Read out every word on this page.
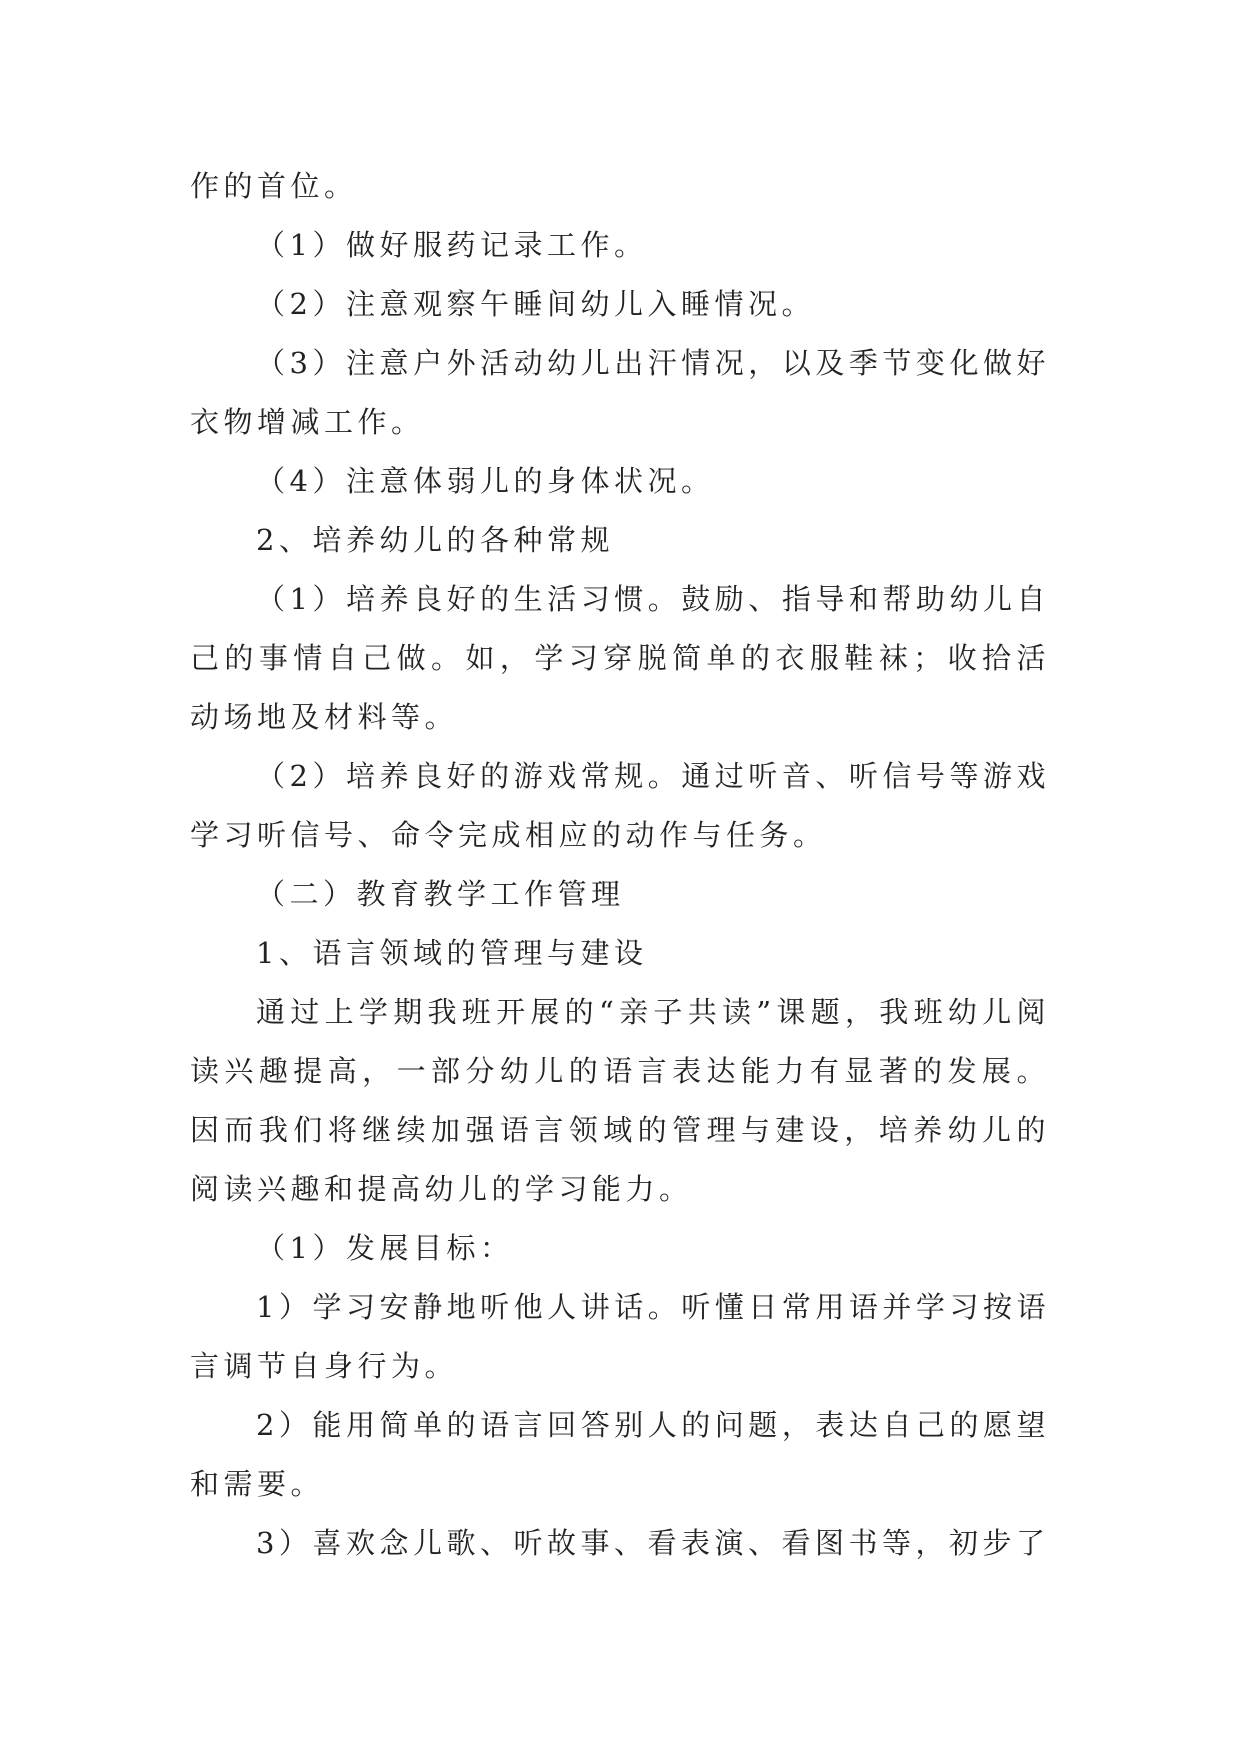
作的首位。

（1）做好服药记录工作。

（2）注意观察午睡间幼儿入睡情况。

（3）注意户外活动幼儿出汗情况，以及季节变化做好衣物增减工作。

（4）注意体弱儿的身体状况。

2、培养幼儿的各种常规

（1）培养良好的生活习惯。鼓励、指导和帮助幼儿自己的事情自己做。如，学习穿脱简单的衣服鞋袜；收拾活动场地及材料等。

（2）培养良好的游戏常规。通过听音、听信号等游戏学习听信号、命令完成相应的动作与任务。

（二）教育教学工作管理

1、语言领域的管理与建设

通过上学期我班开展的“亲子共读”课题，我班幼儿阅读兴趣提高，一部分幼儿的语言表达能力有显著的发展。因而我们将继续加强语言领域的管理与建设，培养幼儿的阅读兴趣和提高幼儿的学习能力。

（1）发展目标：

1）学习安静地听他人讲话。听懂日常用语并学习按语言调节自身行为。

2）能用简单的语言回答别人的问题，表达自己的愿望和需要。

3）喜欢念儿歌、听故事、看表演、看图书等，初步了
